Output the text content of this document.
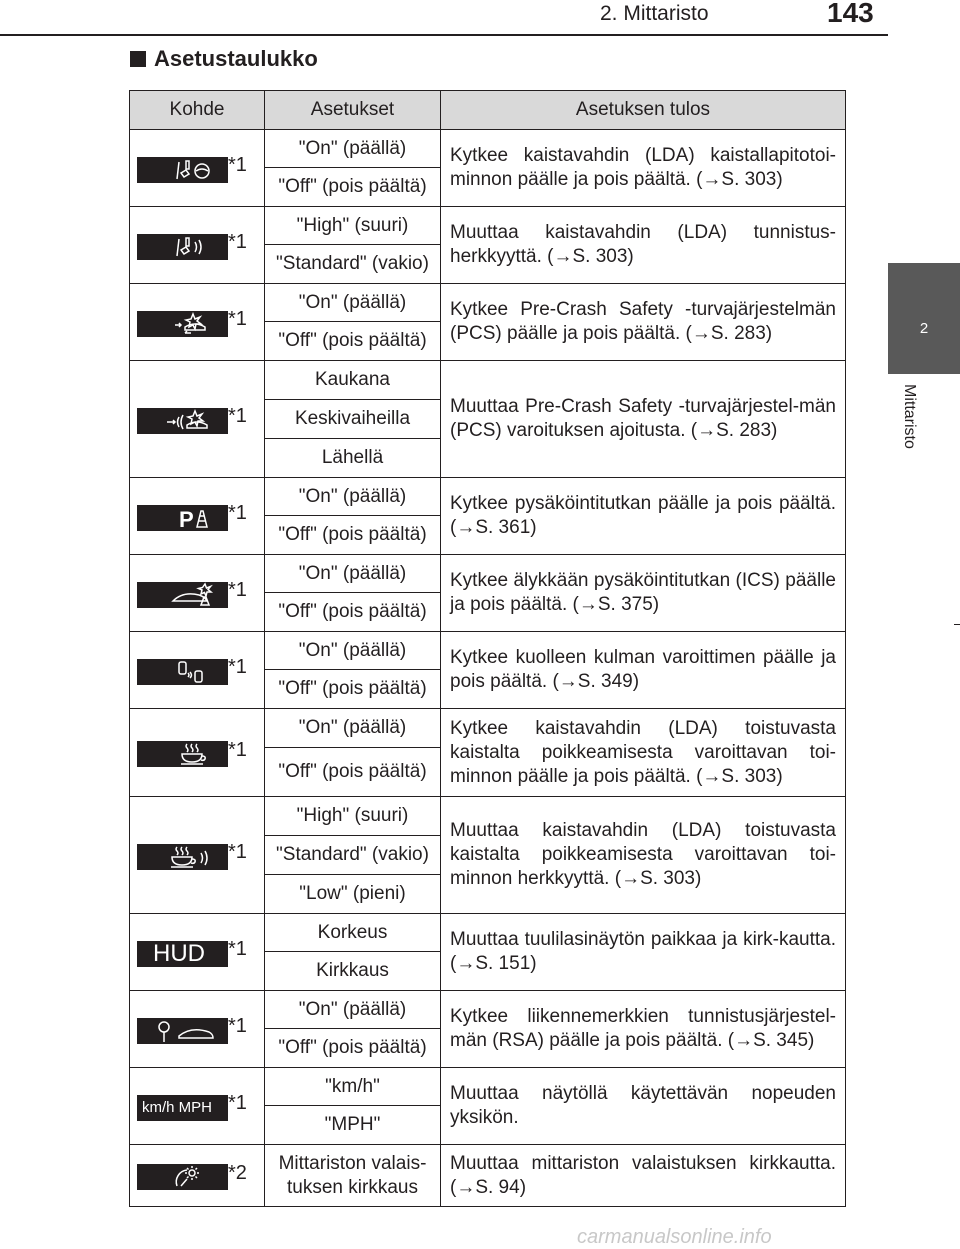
2. Mittaristo	143
2
Mittaristo
Asetustaulukko
Kohde	Asetukset	Asetuksen tulos

*1	"On" (päällä)	Kytkee kaistavahdin (LDA) kaistallapitotoi-minnon päälle ja pois päältä. (→S. 303)
	"Off" (pois päältä)	

*1	"High" (suuri)	Muuttaa kaistavahdin (LDA) tunnistus-herkkyyttä. (→S. 303)
	"Standard" (vakio)	

*1	"On" (päällä)	Kytkee Pre-Crash Safety -turvajärjestelmän (PCS) päälle ja pois päältä. (→S. 283)
	"Off" (pois päältä)	

*1	Kaukana	Muuttaa Pre-Crash Safety -turvajärjestel-män (PCS) varoituksen ajoitusta. (→S. 283)
	Keskivaiheilla	
	Lähellä	

P *1	"On" (päällä)	Kytkee pysäköintitutkan päälle ja pois päältä. (→S. 361)
	"Off" (pois päältä)	

*1	"On" (päällä)	Kytkee älykkään pysäköintitutkan (ICS) päälle ja pois päältä. (→S. 375)
	"Off" (pois päältä)	

*1	"On" (päällä)	Kytkee kuolleen kulman varoittimen päälle ja pois päältä. (→S. 349)
	"Off" (pois päältä)	

*1	"On" (päällä)	Kytkee kaistavahdin (LDA) toistuvasta kaistalta poikkeamisesta varoittavan toi-minnon päälle ja pois päältä. (→S. 303)
	"Off" (pois päältä)	

*1	"High" (suuri)	Muuttaa kaistavahdin (LDA) toistuvasta kaistalta poikkeamisesta varoittavan toi-minnon herkkyyttä. (→S. 303)
	"Standard" (vakio)	
	"Low" (pieni)	
HUD *1	Korkeus	Muuttaa tuulilasinäytön paikkaa ja kirk-kautta. (→S. 151)
	Kirkkaus	

*1	"On" (päällä)	Kytkee liikennemerkkien tunnistusjärjestel-män (RSA) päälle ja pois päältä. (→S. 345)
	"Off" (pois päältä)	
km/h MPH *1	"km/h"	Muuttaa näytöllä käytettävän nopeuden yksikön.
	"MPH"	

*2	Mittariston valais-tuksen kirkkaus	Muuttaa mittariston valaistuksen kirkkautta. (→S. 94)
carmanualsonline.info
